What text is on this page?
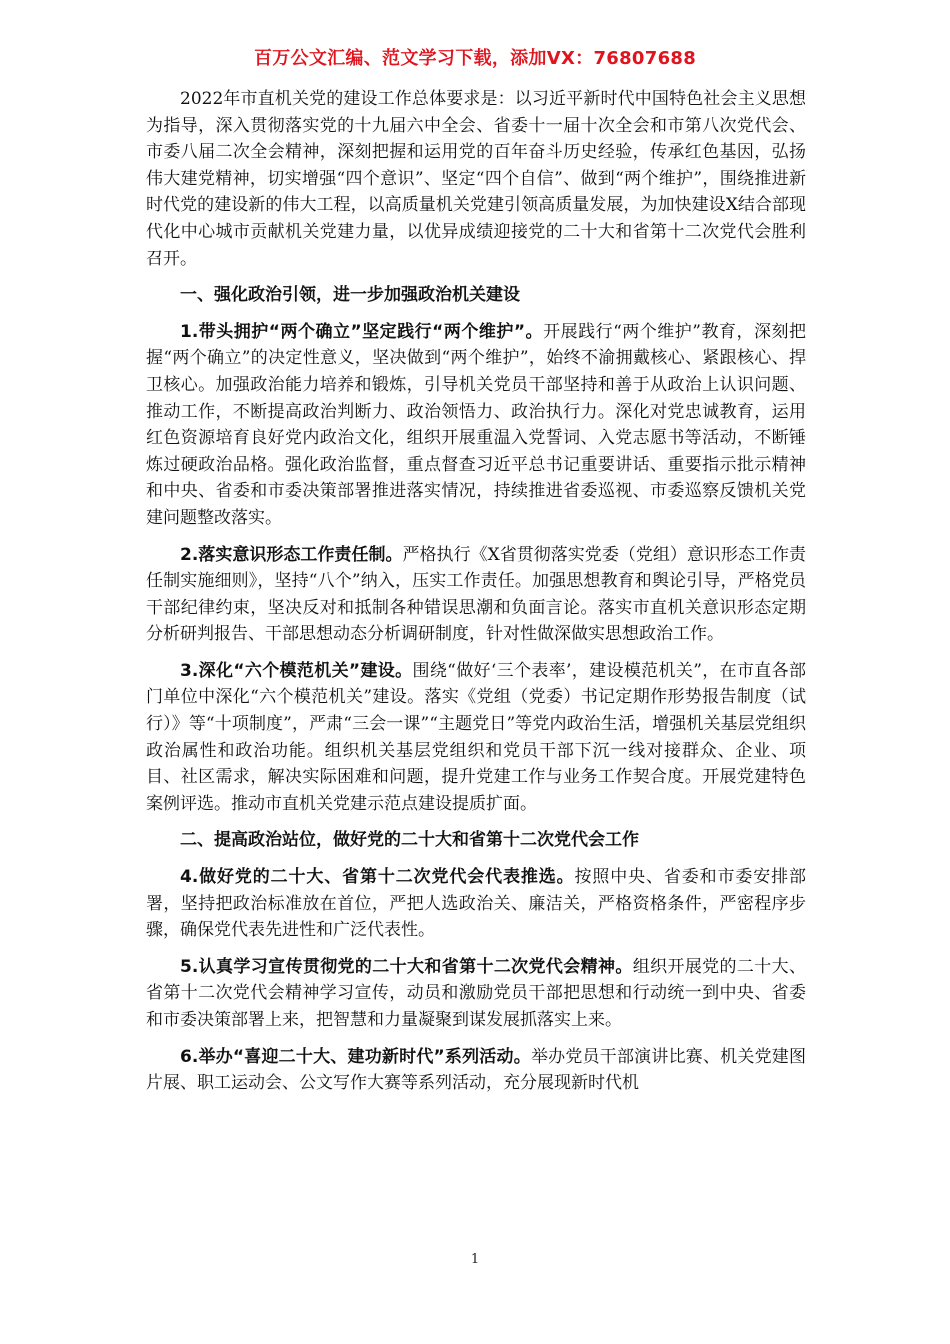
百万公文汇编、范文学习下载，添加VX：76807688

2022年市直机关党的建设工作总体要求是：以习近平新时代中国特色社会主义思想为指导，深入贯彻落实党的十九届六中全会、省委十一届十次全会和市第八次党代会、市委八届二次全会精神，深刻把握和运用党的百年奋斗历史经验，传承红色基因，弘扬伟大建党精神，切实增强“四个意识”、坚定“四个自信”、做到“两个维护”，围绕推进新时代党的建设新的伟大工程，以高质量机关党建引领高质量发展，为加快建设X结合部现代化中心城市贡献机关党建力量，以优异成绩迎接党的二十大和省第十二次党代会胜利召开。

一、强化政治引领，进一步加强政治机关建设

1.带头拥护“两个确立”坚定践行“两个维护”。开展践行“两个维护”教育，深刻把握“两个确立”的决定性意义，坚决做到“两个维护”，始终不渝拥戴核心、紧跟核心、捍卫核心。加强政治能力培养和锻炼，引导机关党员干部坚持和善于从政治上认识问题、推动工作，不断提高政治判断力、政治领悟力、政治执行力。深化对党忠诚教育，运用红色资源培育良好党内政治文化，组织开展重温入党誓词、入党志愿书等活动，不断锤炼过硬政治品格。强化政治监督，重点督查习近平总书记重要讲话、重要指示批示精神和中央、省委和市委决策部署推进落实情况，持续推进省委巡视、市委巡察反馈机关党建问题整改落实。

2.落实意识形态工作责任制。严格执行《X省贯彻落实党委（党组）意识形态工作责任制实施细则》，坚持“八个”纳入，压实工作责任。加强思想教育和舆论引导，严格党员干部纪律约束，坚决反对和抵制各种错误思潮和负面言论。落实市直机关意识形态定期分析研判报告、干部思想动态分析调研制度，针对性做深做实思想政治工作。

3.深化“六个模范机关”建设。围绕“做好‘三个表率’，建设模范机关”，在市直各部门单位中深化“六个模范机关”建设。落实《党组（党委）书记定期作形势报告制度（试行）》等“十项制度”，严肃“三会一课”“主题党日”等党内政治生活，增强机关基层党组织政治属性和政治功能。组织机关基层党组织和党员干部下沉一线对接群众、企业、项目、社区需求，解决实际困难和问题，提升党建工作与业务工作契合度。开展党建特色案例评选。推动市直机关党建示范点建设提质扩面。

二、提高政治站位，做好党的二十大和省第十二次党代会工作

4.做好党的二十大、省第十二次党代会代表推选。按照中央、省委和市委安排部署，坚持把政治标准放在首位，严把人选政治关、廉洁关，严格资格条件，严密程序步骤，确保党代表先进性和广泛代表性。

5.认真学习宣传贯彻党的二十大和省第十二次党代会精神。组织开展党的二十大、省第十二次党代会精神学习宣传，动员和激励党员干部把思想和行动统一到中央、省委和市委决策部署上来，把智慧和力量凝聚到谋发展抓落实上来。

6.举办“喜迎二十大、建功新时代”系列活动。举办党员干部演讲比赛、机关党建图片展、职工运动会、公文写作大赛等系列活动，充分展现新时代机

1
